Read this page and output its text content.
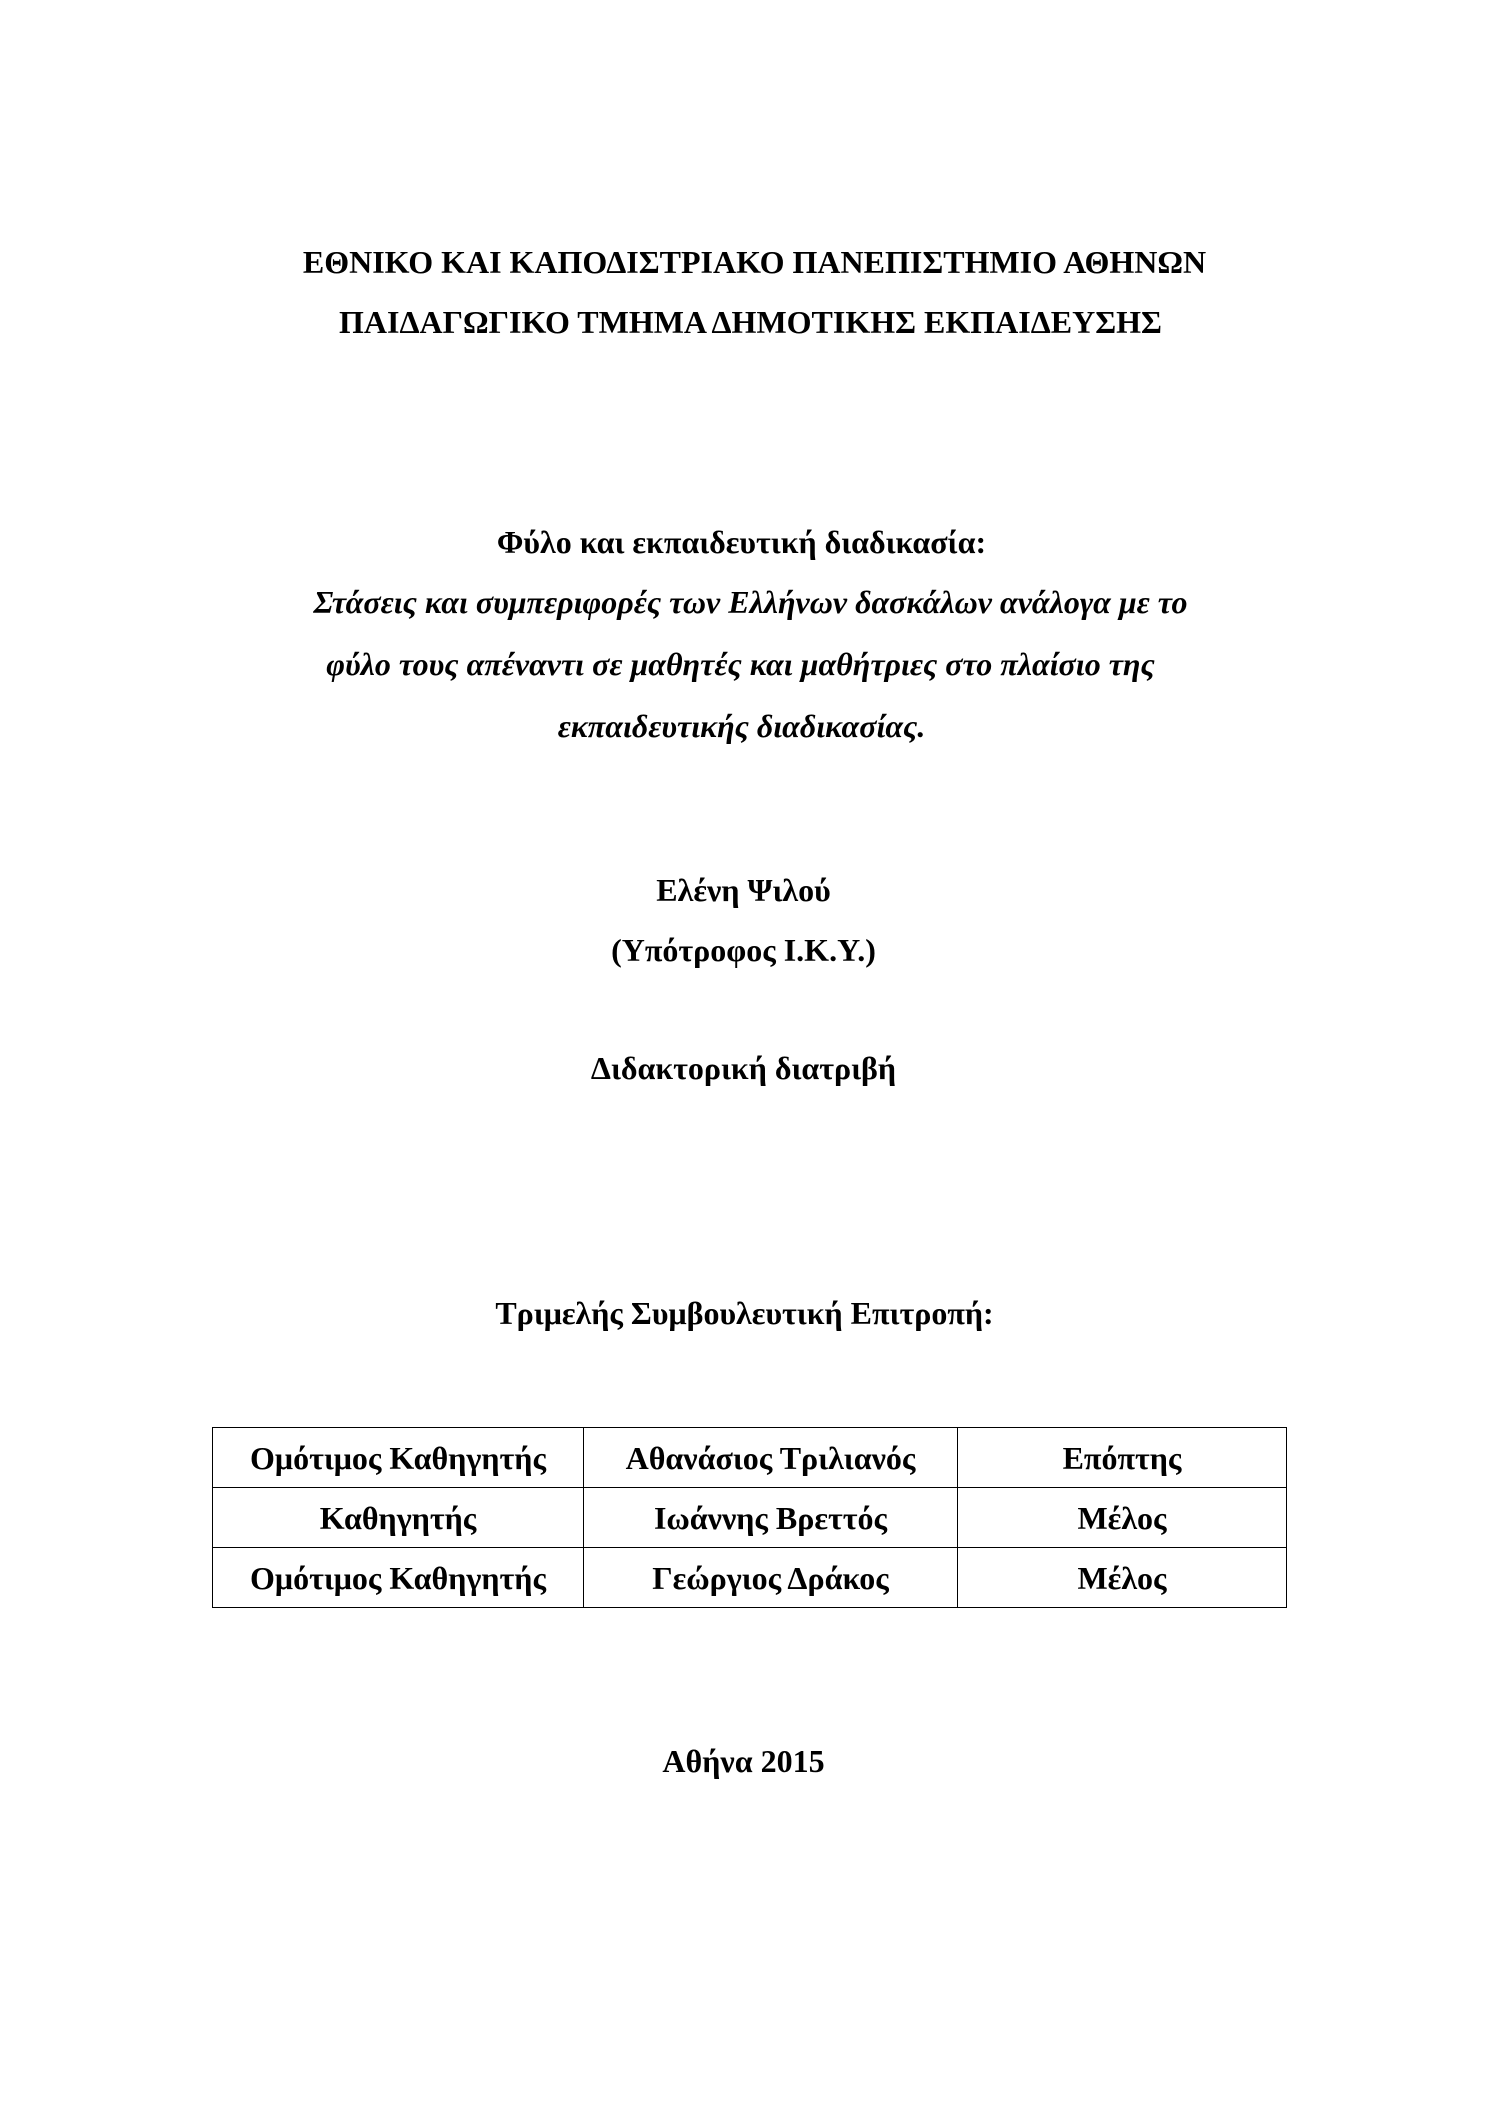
ΕΘΝΙΚΟ ΚΑΙ ΚΑΠΟΔΙΣΤΡΙΑΚΟ ΠΑΝΕΠΙΣΤΗΜΙΟ ΑΘΗΝΩΝ
ΠΑΙΔΑΓΩΓΙΚΟ ΤΜΗΜΑ ΔΗΜΟΤΙΚΗΣ ΕΚΠΑΙΔΕΥΣΗΣ
Φύλο και εκπαιδευτική διαδικασία:
Στάσεις και συμπεριφορές των Ελλήνων δασκάλων ανάλογα με το
φύλο τους απέναντι σε μαθητές και μαθήτριες στο πλαίσιο της
εκπαιδευτικής διαδικασίας.
Ελένη Ψιλού
(Υπότροφος Ι.Κ.Υ.)
Διδακτορική διατριβή
Τριμελής Συμβουλευτική Επιτροπή:
Ομότιμος Καθηγητής	Αθανάσιος Τριλιανός	Επόπτης
Καθηγητής	Ιωάννης Βρεττός	Μέλος
Ομότιμος Καθηγητής	Γεώργιος Δράκος	Μέλος
Αθήνα 2015
